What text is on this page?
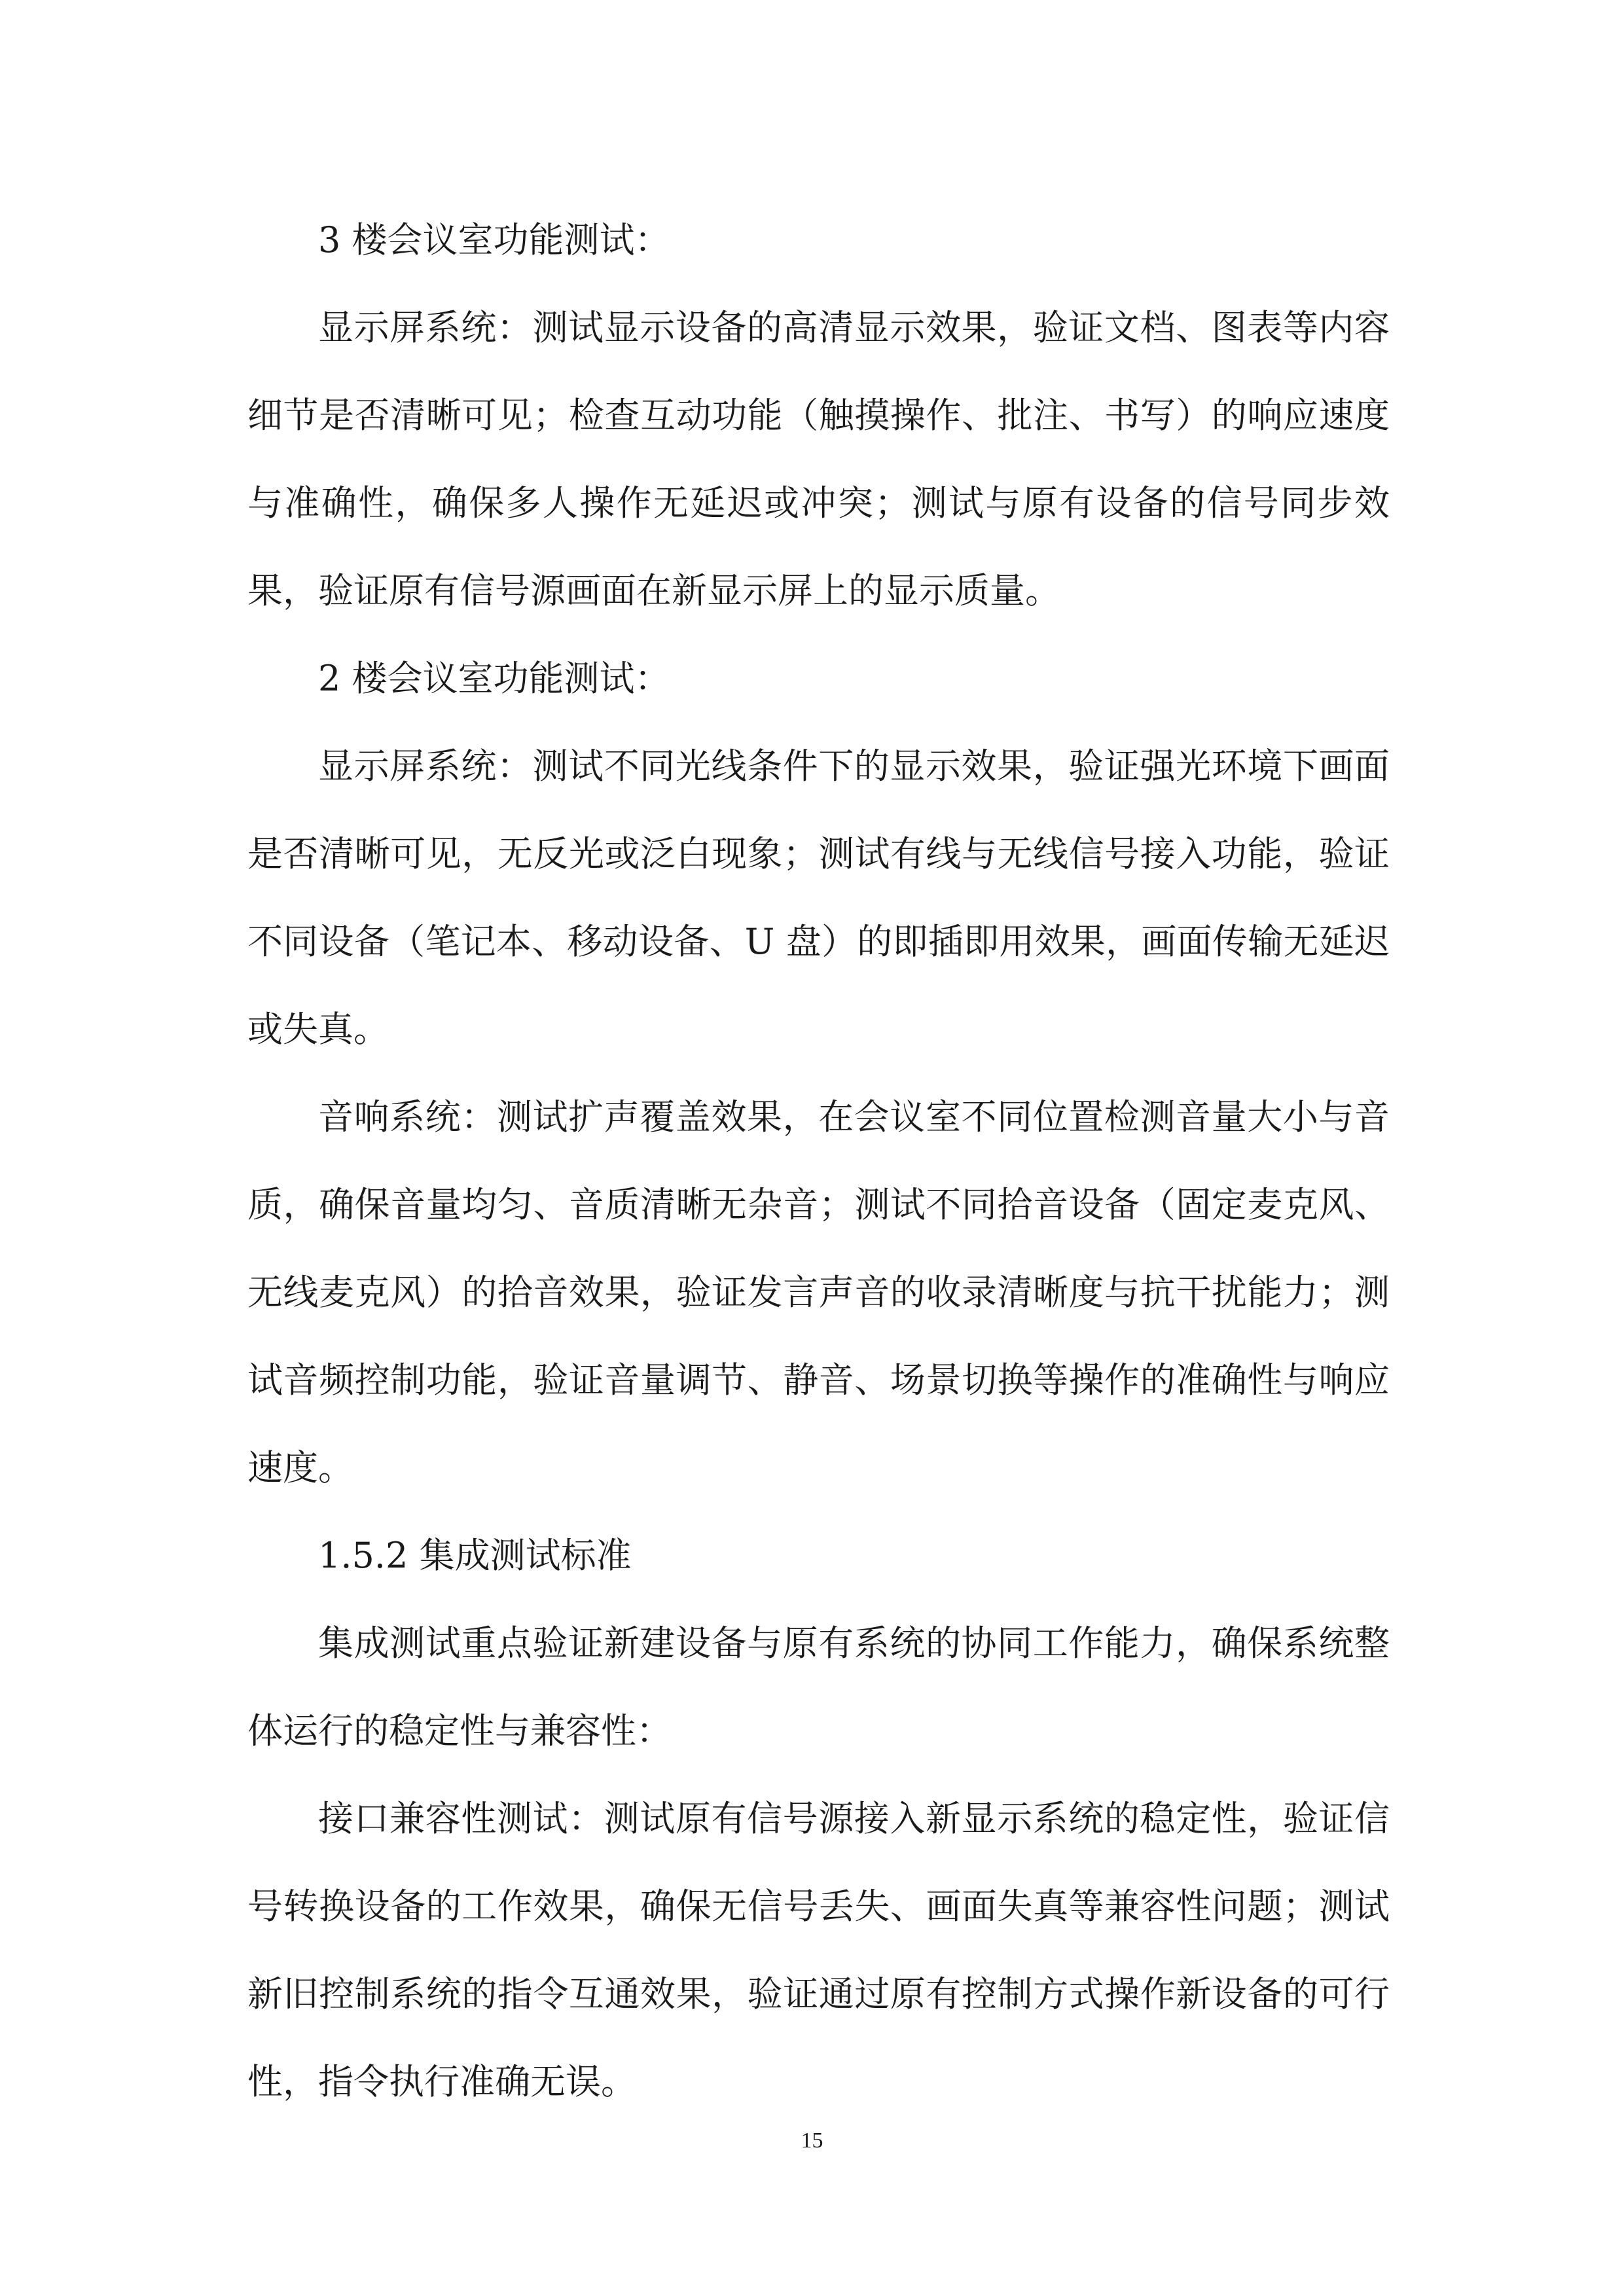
3 楼会议室功能测试：

显示屏系统：测试显示设备的高清显示效果，验证文档、图表等内容细节是否清晰可见；检查互动功能（触摸操作、批注、书写）的响应速度与准确性，确保多人操作无延迟或冲突；测试与原有设备的信号同步效果，验证原有信号源画面在新显示屏上的显示质量。

2 楼会议室功能测试：

显示屏系统：测试不同光线条件下的显示效果，验证强光环境下画面是否清晰可见，无反光或泛白现象；测试有线与无线信号接入功能，验证不同设备（笔记本、移动设备、U 盘）的即插即用效果，画面传输无延迟或失真。

音响系统：测试扩声覆盖效果，在会议室不同位置检测音量大小与音质，确保音量均匀、音质清晰无杂音；测试不同拾音设备（固定麦克风、无线麦克风）的拾音效果，验证发言声音的收录清晰度与抗干扰能力；测试音频控制功能，验证音量调节、静音、场景切换等操作的准确性与响应速度。

1.5.2 集成测试标准

集成测试重点验证新建设备与原有系统的协同工作能力，确保系统整体运行的稳定性与兼容性：

接口兼容性测试：测试原有信号源接入新显示系统的稳定性，验证信号转换设备的工作效果，确保无信号丢失、画面失真等兼容性问题；测试新旧控制系统的指令互通效果，验证通过原有控制方式操作新设备的可行性，指令执行准确无误。

15
